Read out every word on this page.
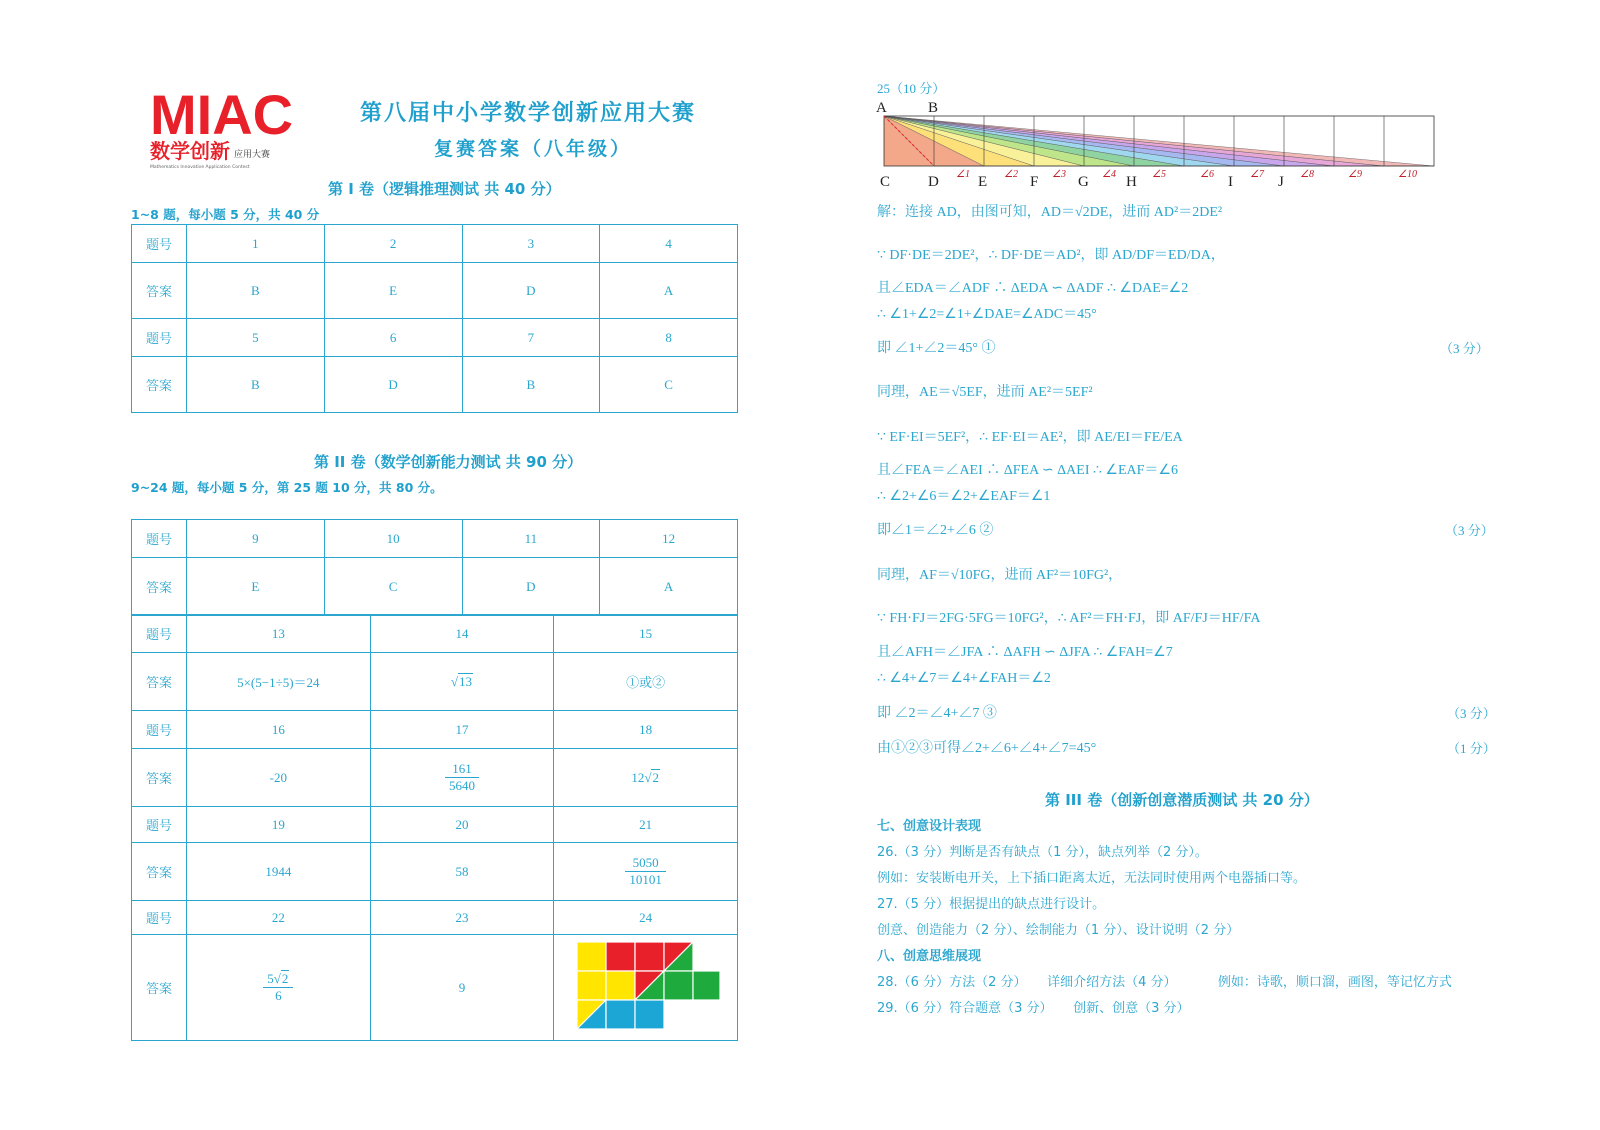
MIAC
数学创新 应用大赛
Mathematics Innovative Application Contest
第八届中小学数学创新应用大赛
复赛答案（八年级）
第 I 卷（逻辑推理测试 共 40 分）
1~8 题，每小题 5 分，共 40 分
题号	1	2	3	4
答案	B	E	D	A
题号	5	6	7	8
答案	B	D	B	C
第 II 卷（数学创新能力测试 共 90 分）
9~24 题，每小题 5 分，第 25 题 10 分，共 80 分。
题号	9	10	11	12
答案	E	C	D	A
题号	13	14	15
答案	5×(5−1÷5)＝24	√13	①或②
题号	16	17	18
答案	-20	$\frac{161}{5640}$	12√2
题号	19	20	21
答案	1944	58	$\frac{5050}{10101}$

题号	22	23	24
答案	$\frac{5√2}{6}$	9	
25（10 分）
A	B
C	D	E	F	G H	I	J
∠1	∠2	∠3	∠4	∠5	∠6	∠7	∠8	∠9	∠10
解：连接 AD，由图可知，AD＝√2DE，进而 AD²＝2DE²
∵ DF·DE＝2DE²，∴ DF·DE＝AD²，即 AD/DF＝ED/DA，
且∠EDA＝∠ADF ∴ ΔEDA ∽ ΔADF ∴ ∠DAE=∠2
∴ ∠1+∠2=∠1+∠DAE=∠ADC＝45°
即 ∠1+∠2＝45° ①	（3 分）
同理，AE＝√5EF，进而 AE²＝5EF²
∵ EF·EI＝5EF²，∴ EF·EI＝AE²，即 AE/EI＝FE/EA
且∠FEA＝∠AEI ∴ ΔFEA ∽ ΔAEI ∴ ∠EAF＝∠6
∴ ∠2+∠6＝∠2+∠EAF＝∠1
即∠1＝∠2+∠6 ②	（3 分）
同理，AF＝√10FG，进而 AF²＝10FG²，
∵ FH·FJ＝2FG·5FG＝10FG²，∴ AF²＝FH·FJ，即 AF/FJ＝HF/FA
且∠AFH＝∠JFA ∴ ΔAFH ∽ ΔJFA ∴ ∠FAH=∠7
∴ ∠4+∠7＝∠4+∠FAH＝∠2
即 ∠2＝∠4+∠7 ③	（3 分）
由①②③可得∠2+∠6+∠4+∠7=45°	（1 分）
第 III 卷（创新创意潜质测试 共 20 分）
七、创意设计表现
26.（3 分）判断是否有缺点（1 分），缺点列举（2 分）。
例如：安装断电开关，上下插口距离太近，无法同时使用两个电器插口等。
27.（5 分）根据提出的缺点进行设计。
创意、创造能力（2 分）、绘制能力（1 分）、设计说明（2 分）
八、创意思维展现
28.（6 分）方法（2 分）     详细介绍方法（4 分）          例如：诗歌，顺口溜，画图，等记忆方式
29.（6 分）符合题意（3 分）     创新、创意（3 分）
